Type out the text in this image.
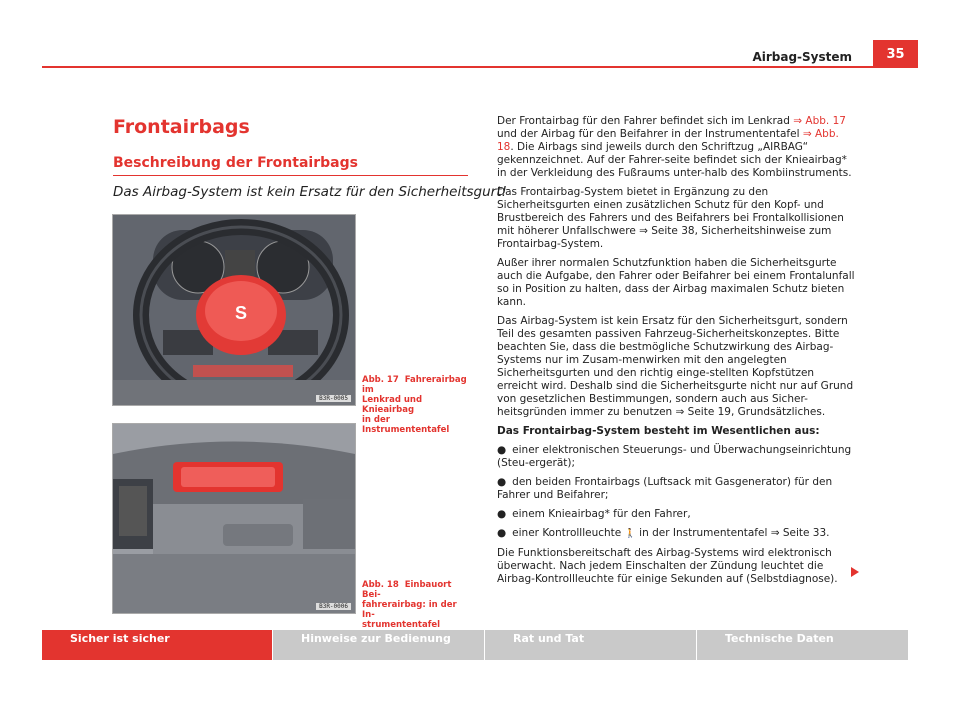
Airbag-System	35
Frontairbags
Beschreibung der Frontairbags
Das Airbag-System ist kein Ersatz für den Sicherheitsgurt!
S
B3R-0005
Abb. 17 Fahrerairbag im
Lenkrad und Knieairbag
in der Instrumententafel
B3R-0006
Abb. 18 Einbauort Bei-
fahrerairbag: in der In-
strumententafel

Der Frontairbag für den Fahrer befindet sich im Lenkrad ⇒ Abb. 17 und der Airbag für den Beifahrer in der Instrumententafel ⇒ Abb. 18. Die Airbags sind jeweils durch den Schriftzug „AIRBAG“ gekennzeichnet. Auf der Fahrer-seite befindet sich der Knieairbag* in der Verkleidung des Fußraums unter-halb des Kombiinstruments.

Das Frontairbag-System bietet in Ergänzung zu den Sicherheitsgurten einen zusätzlichen Schutz für den Kopf- und Brustbereich des Fahrers und des Beifahrers bei Frontalkollisionen mit höherer Unfallschwere ⇒ Seite 38, Sicherheitshinweise zum Frontairbag-System.

Außer ihrer normalen Schutzfunktion haben die Sicherheitsgurte auch die Aufgabe, den Fahrer oder Beifahrer bei einem Frontalunfall so in Position zu halten, dass der Airbag maximalen Schutz bieten kann.

Das Airbag-System ist kein Ersatz für den Sicherheitsgurt, sondern Teil des gesamten passiven Fahrzeug-Sicherheitskonzeptes. Bitte beachten Sie, dass die bestmögliche Schutzwirkung des Airbag-Systems nur im Zusam-menwirken mit den angelegten Sicherheitsgurten und den richtig einge-stellten Kopfstützen erreicht wird. Deshalb sind die Sicherheitsgurte nicht nur auf Grund von gesetzlichen Bestimmungen, sondern auch aus Sicher-heitsgründen immer zu benutzen ⇒ Seite 19, Grundsätzliches.

Das Frontairbag-System besteht im Wesentlichen aus:

● einer elektronischen Steuerungs- und Überwachungseinrichtung (Steu-ergerät);

● den beiden Frontairbags (Luftsack mit Gasgenerator) für den Fahrer und Beifahrer;

● einem Knieairbag* für den Fahrer,

● einer Kontrollleuchte 🚶 in der Instrumententafel ⇒ Seite 33.

Die Funktionsbereitschaft des Airbag-Systems wird elektronisch überwacht. Nach jedem Einschalten der Zündung leuchtet die Airbag-Kontrollleuchte für einige Sekunden auf (Selbstdiagnose).

Sicher ist sicher	Hinweise zur Bedienung	Rat und Tat	Technische Daten
